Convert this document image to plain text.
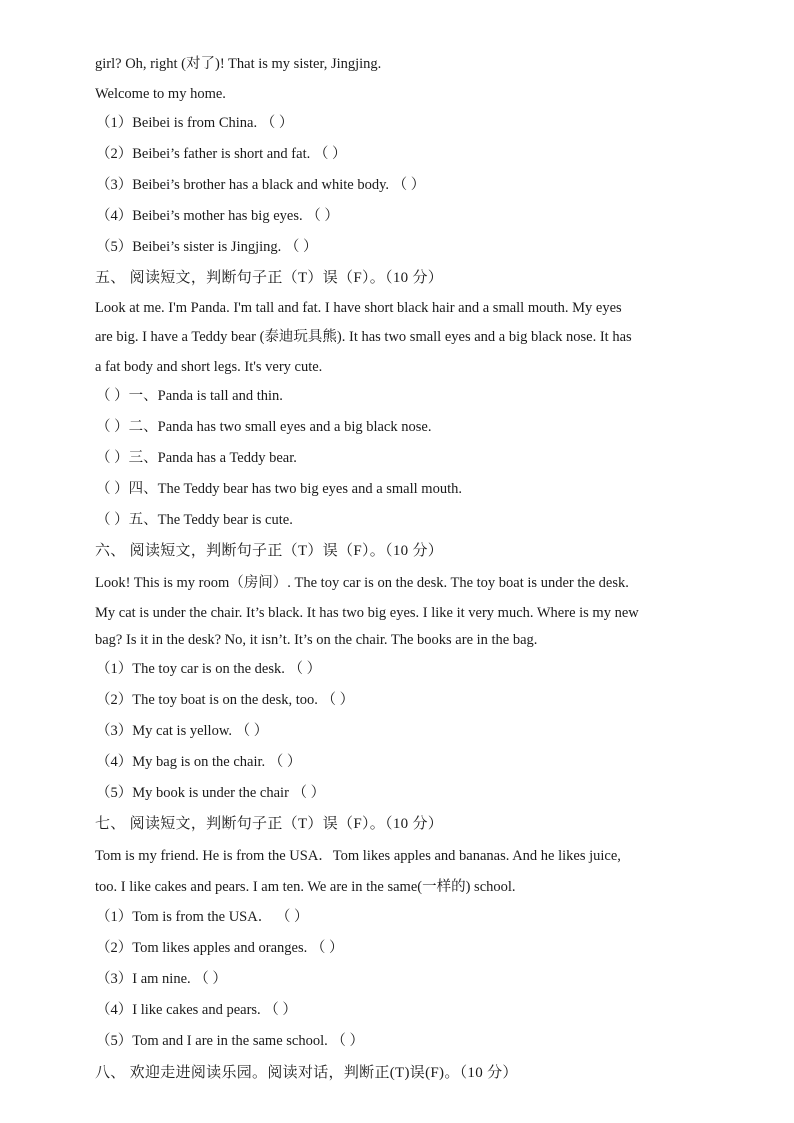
girl? Oh, right (对了)! That is my sister, Jingjing.
Welcome to my home.
（1）Beibei is from China. （ ）
（2）Beibei’s father is short and fat. （ ）
（3）Beibei’s brother has a black and white body. （ ）
（4）Beibei’s mother has big eyes. （ ）
（5）Beibei’s sister is Jingjing. （ ）
五、 阅读短文，判断句子正（T）误（F）。（10 分）
Look at me. I'm Panda. I'm tall and fat. I have short black hair and a small mouth. My eyes
are big. I have a Teddy bear (泰迪玩具熊). It has two small eyes and a big black nose. It has
a fat body and short legs. It's very cute.
（ ）一、Panda is tall and thin.
（ ）二、Panda has two small eyes and a big black nose.
（ ）三、Panda has a Teddy bear.
（ ）四、The Teddy bear has two big eyes and a small mouth.
（ ）五、The Teddy bear is cute.
六、 阅读短文，判断句子正（T）误（F）。（10 分）
Look! This is my room（房间）. The toy car is on the desk. The toy boat is under the desk.
My cat is under the chair. It’s black. It has two big eyes. I like it very much. Where is my new
bag? Is it in the desk? No, it isn’t. It’s on the chair. The books are in the bag.
（1）The toy car is on the desk. （ ）
（2）The toy boat is on the desk, too. （ ）
（3）My cat is yellow. （ ）
（4）My bag is on the chair. （ ）
（5）My book is under the chair （ ）
七、 阅读短文，判断句子正（T）误（F）。（10 分）
Tom is my friend. He is from the USA．Tom likes apples and bananas. And he likes juice,
too. I like cakes and pears. I am ten. We are in the same(一样的) school.
（1）Tom is from the USA． （ ）
（2）Tom likes apples and oranges. （ ）
（3）I am nine. （ ）
（4）I like cakes and pears. （ ）
（5）Tom and I are in the same school. （ ）
八、 欢迎走进阅读乐园。阅读对话，判断正(T)误(F)。（10 分）
